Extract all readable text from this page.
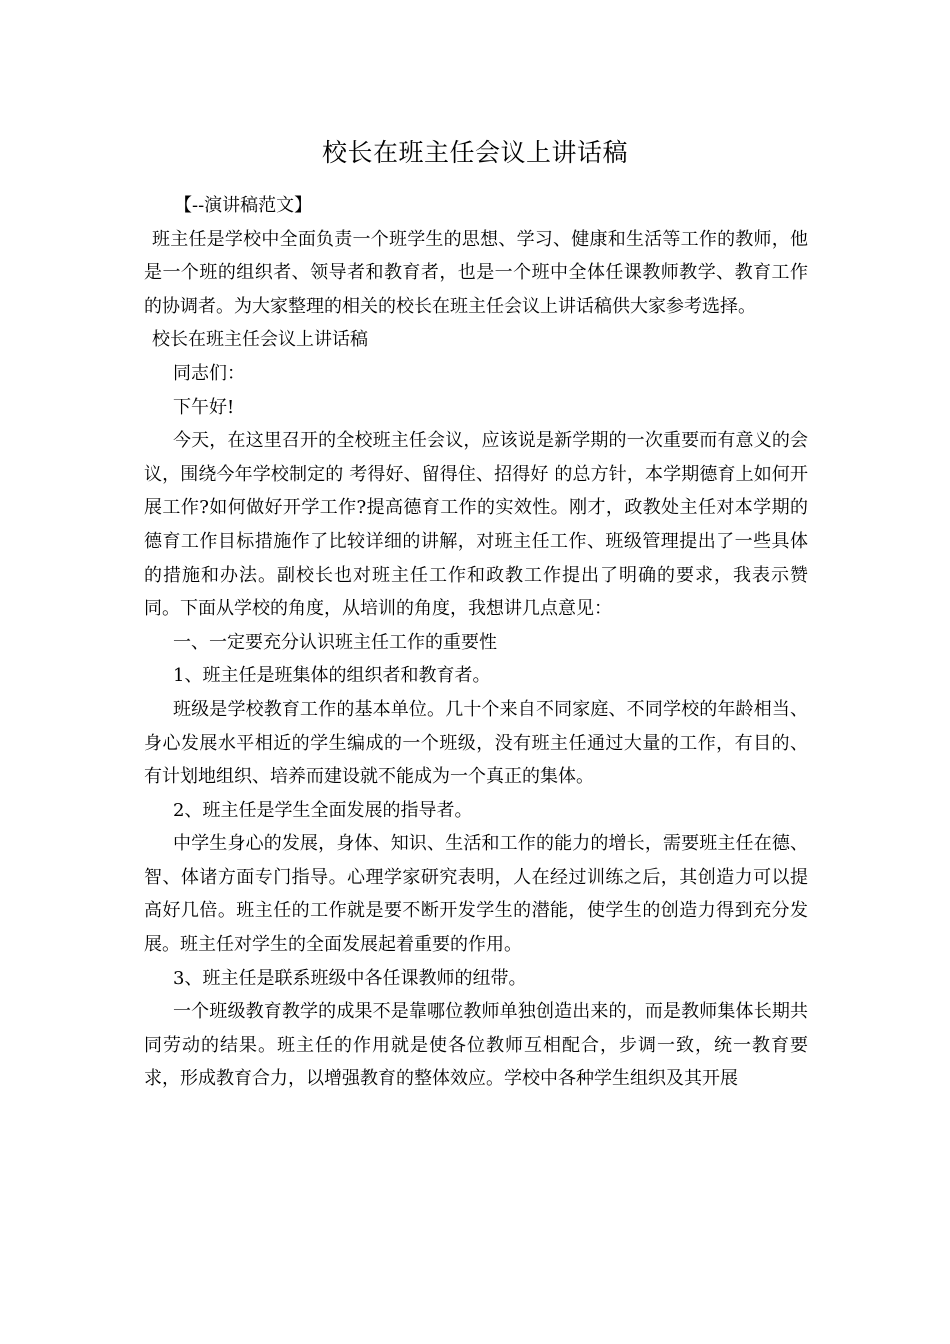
校长在班主任会议上讲话稿

【--演讲稿范文】

班主任是学校中全面负责一个班学生的思想、学习、健康和生活等工作的教师，他是一个班的组织者、领导者和教育者，也是一个班中全体任课教师教学、教育工作的协调者。为大家整理的相关的校长在班主任会议上讲话稿供大家参考选择。

校长在班主任会议上讲话稿

同志们：

下午好!

今天，在这里召开的全校班主任会议，应该说是新学期的一次重要而有意义的会议，围绕今年学校制定的 考得好、留得住、招得好 的总方针，本学期德育上如何开展工作?如何做好开学工作?提高德育工作的实效性。刚才，政教处主任对本学期的德育工作目标措施作了比较详细的讲解，对班主任工作、班级管理提出了一些具体的措施和办法。副校长也对班主任工作和政教工作提出了明确的要求，我表示赞同。下面从学校的角度，从培训的角度，我想讲几点意见：

一、一定要充分认识班主任工作的重要性

1、班主任是班集体的组织者和教育者。

班级是学校教育工作的基本单位。几十个来自不同家庭、不同学校的年龄相当、身心发展水平相近的学生编成的一个班级，没有班主任通过大量的工作，有目的、有计划地组织、培养而建设就不能成为一个真正的集体。

2、班主任是学生全面发展的指导者。

中学生身心的发展，身体、知识、生活和工作的能力的增长，需要班主任在德、智、体诸方面专门指导。心理学家研究表明，人在经过训练之后，其创造力可以提高好几倍。班主任的工作就是要不断开发学生的潜能，使学生的创造力得到充分发展。班主任对学生的全面发展起着重要的作用。

3、班主任是联系班级中各任课教师的纽带。

一个班级教育教学的成果不是靠哪位教师单独创造出来的，而是教师集体长期共同劳动的结果。班主任的作用就是使各位教师互相配合，步调一致，统一教育要求，形成教育合力，以增强教育的整体效应。学校中各种学生组织及其开展
